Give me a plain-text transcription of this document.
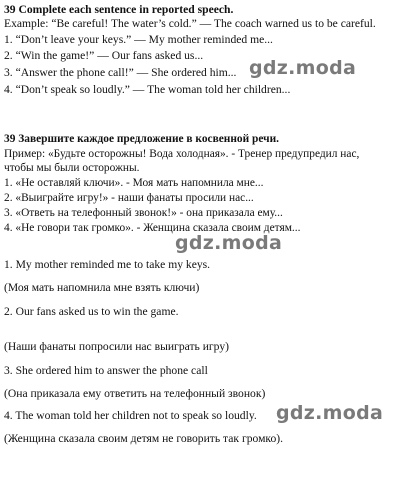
39 Complete each sentence in reported speech.
Example: “Be careful! The water’s cold.” — The coach warned us to be careful.
1. “Don’t leave your keys.” — My mother reminded me...
2. “Win the game!” — Our fans asked us...
3. “Answer the phone call!” — She ordered him...
4. “Don’t speak so loudly.” — The woman told her children...
39 Завершите каждое предложение в косвенной речи.
Пример: «Будьте осторожны! Вода холодная». - Тренер предупредил нас,
чтобы мы были осторожны.
1. «Не оставляй ключи». - Моя мать напомнила мне...
2. «Выиграйте игру!» - наши фанаты просили нас...
3. «Ответь на телефонный звонок!» - она приказала ему...
4. «Не говори так громко». - Женщина сказала своим детям...
1. My mother reminded me to take my keys.
(Моя мать напомнила мне взять ключи)
2. Our fans asked us to win the game.
(Наши фанаты попросили нас выиграть игру)
3. She ordered him to answer the phone call
(Она приказала ему ответить на телефонный звонок)
4. The woman told her children not to speak so loudly.
(Женщина сказала своим детям не говорить так громко).
gdz.moda
gdz.moda
gdz.moda
